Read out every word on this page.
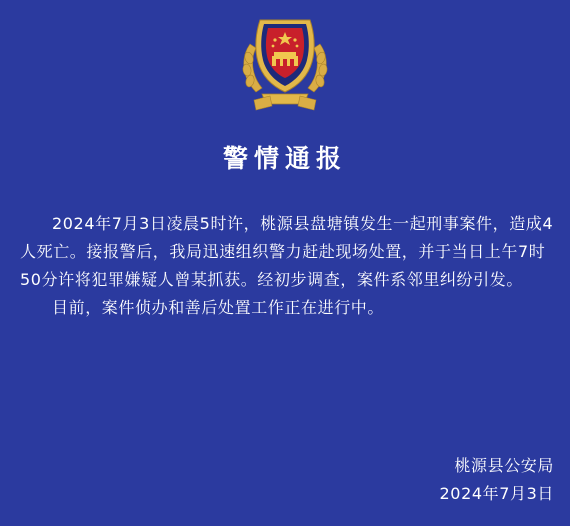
警情通报

2024年7月3日凌晨5时许，桃源县盘塘镇发生一起刑事案件，造成4人死亡。接报警后，我局迅速组织警力赶赴现场处置，并于当日上午7时50分许将犯罪嫌疑人曾某抓获。经初步调查，案件系邻里纠纷引发。

目前，案件侦办和善后处置工作正在进行中。

桃源县公安局
2024年7月3日
